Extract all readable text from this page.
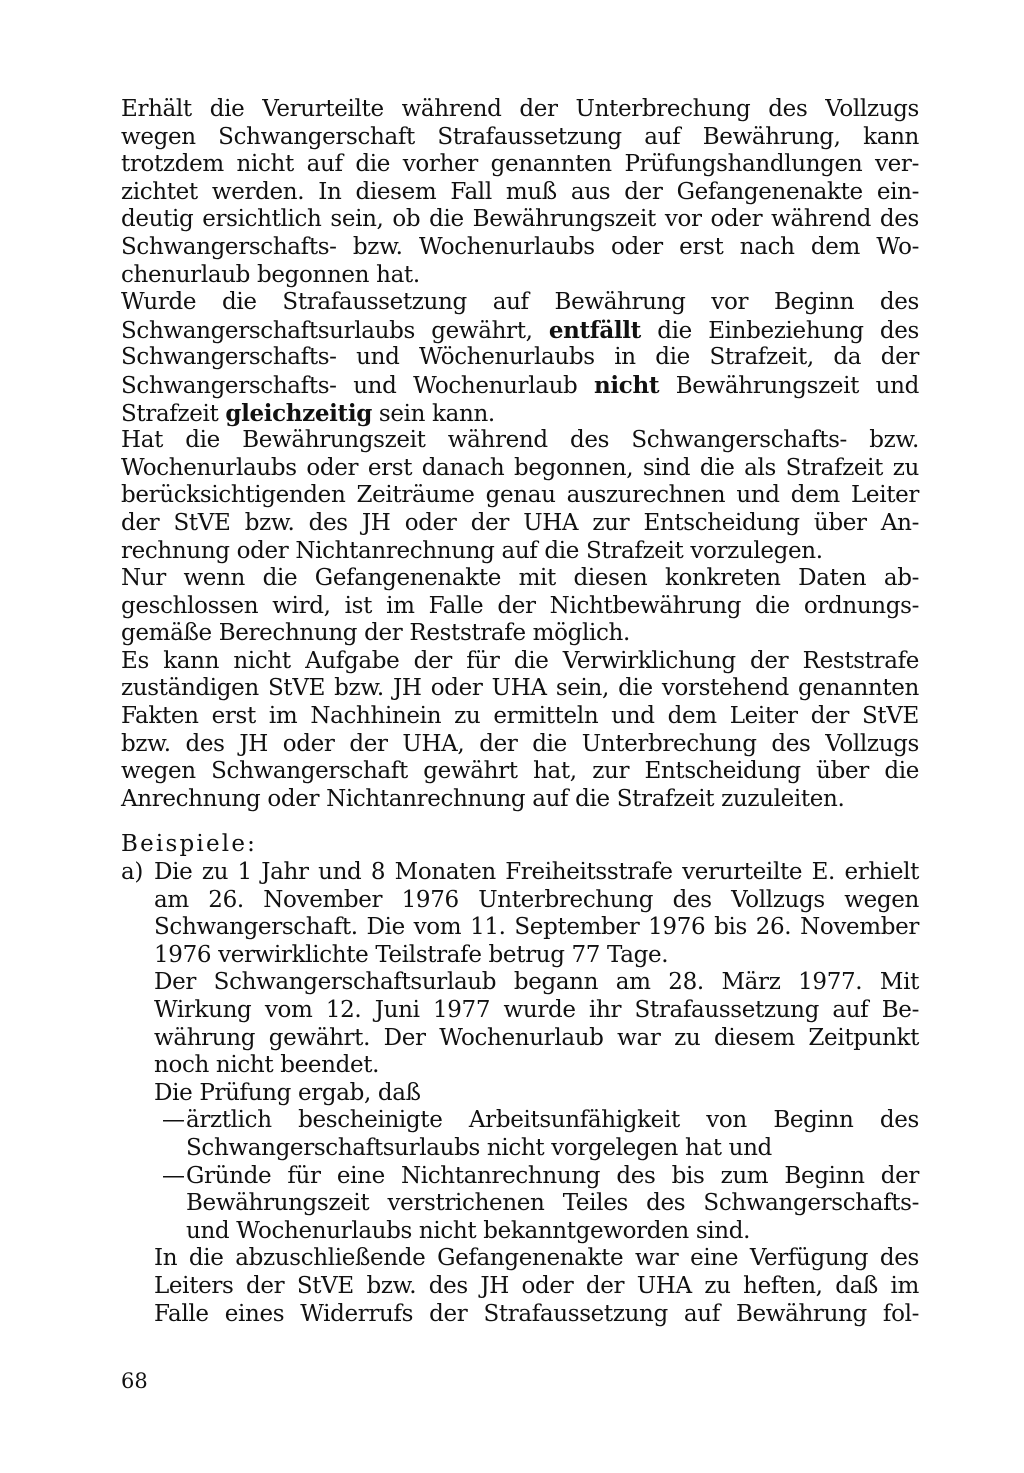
Erhält die Verurteilte während der Unterbrechung des Vollzugs
wegen Schwangerschaft Strafaussetzung auf Bewährung, kann
trotzdem nicht auf die vorher genannten Prüfungshandlungen ver-
zichtet werden. In diesem Fall muß aus der Gefangenenakte ein-
deutig ersichtlich sein, ob die Bewährungszeit vor oder während des
Schwangerschafts- bzw. Wochenurlaubs oder erst nach dem Wo-
chenurlaub begonnen hat.
Wurde die Strafaussetzung auf Bewährung vor Beginn des
Schwangerschaftsurlaubs gewährt, entfällt die Einbeziehung des
Schwangerschafts- und Wöchenurlaubs in die Strafzeit, da der
Schwangerschafts- und Wochenurlaub nicht Bewährungszeit und
Strafzeit gleichzeitig sein kann.
Hat die Bewährungszeit während des Schwangerschafts- bzw.
Wochenurlaubs oder erst danach begonnen, sind die als Strafzeit zu
berücksichtigenden Zeiträume genau auszurechnen und dem Leiter
der StVE bzw. des JH oder der UHA zur Entscheidung über An-
rechnung oder Nichtanrechnung auf die Strafzeit vorzulegen.
Nur wenn die Gefangenenakte mit diesen konkreten Daten ab-
geschlossen wird, ist im Falle der Nichtbewährung die ordnungs-
gemäße Berechnung der Reststrafe möglich.
Es kann nicht Aufgabe der für die Verwirklichung der Reststrafe
zuständigen StVE bzw. JH oder UHA sein, die vorstehend genannten
Fakten erst im Nachhinein zu ermitteln und dem Leiter der StVE
bzw. des JH oder der UHA, der die Unterbrechung des Vollzugs
wegen Schwangerschaft gewährt hat, zur Entscheidung über die
Anrechnung oder Nichtanrechnung auf die Strafzeit zuzuleiten.
Beispiele:
a) Die zu 1 Jahr und 8 Monaten Freiheitsstrafe verurteilte E. erhielt
am 26. November 1976 Unterbrechung des Vollzugs wegen
Schwangerschaft. Die vom 11. September 1976 bis 26. November
1976 verwirklichte Teilstrafe betrug 77 Tage.
Der Schwangerschaftsurlaub begann am 28. März 1977. Mit
Wirkung vom 12. Juni 1977 wurde ihr Strafaussetzung auf Be-
währung gewährt. Der Wochenurlaub war zu diesem Zeitpunkt
noch nicht beendet.
Die Prüfung ergab, daß
— ärztlich bescheinigte Arbeitsunfähigkeit von Beginn des
Schwangerschaftsurlaubs nicht vorgelegen hat und
— Gründe für eine Nichtanrechnung des bis zum Beginn der
Bewährungszeit verstrichenen Teiles des Schwangerschafts-
und Wochenurlaubs nicht bekanntgeworden sind.
In die abzuschließende Gefangenenakte war eine Verfügung des
Leiters der StVE bzw. des JH oder der UHA zu heften, daß im
Falle eines Widerrufs der Strafaussetzung auf Bewährung fol-
68
